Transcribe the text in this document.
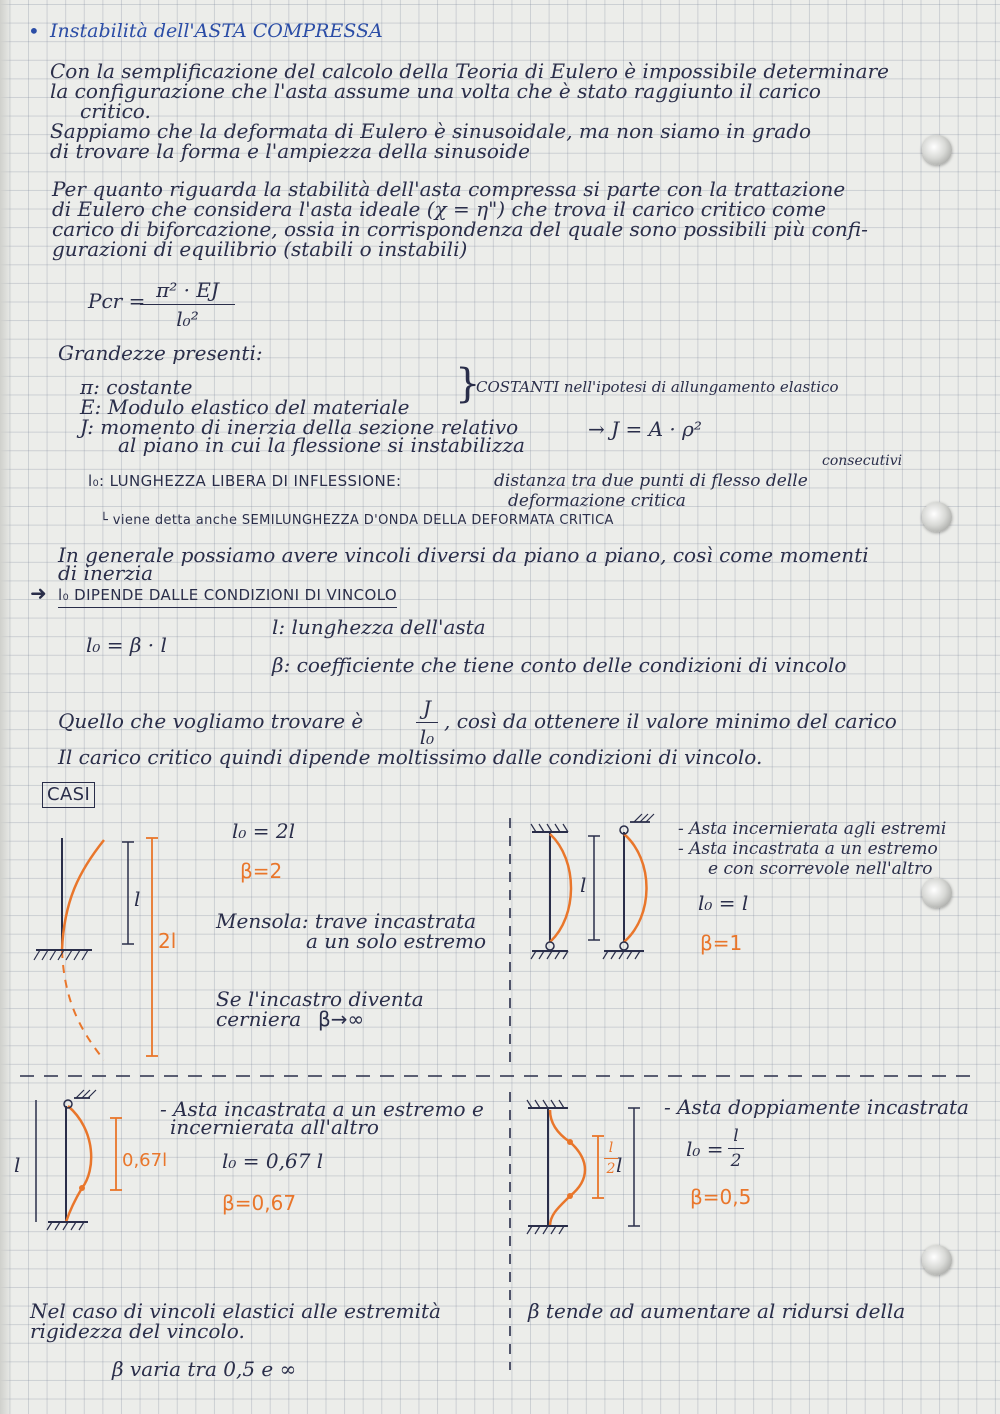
• Instabilità dell'ASTA COMPRESSA

Con la semplificazione del calcolo della Teoria di Eulero è impossibile determinare

la configurazione che l'asta assume una volta che è stato raggiunto il carico

critico.

Sappiamo che la deformata di Eulero è sinusoidale, ma non siamo in grado

di trovare la forma e l'ampiezza della sinusoide

Per quanto riguarda la stabilità dell'asta compressa si parte con la trattazione

di Eulero che considera l'asta ideale (χ = η") che trova il carico critico come

carico di biforcazione, ossia in corrispondenza del quale sono possibili più confi-

gurazioni di equilibrio (stabili o instabili)

Pcr = π² · EJ
l₀²

Grandezze presenti:

π: costante

E: Modulo elastico del materiale

J: momento di inerzia della sezione relativo

al piano in cui la flessione si instabilizza

}

COSTANTI nell'ipotesi di allungamento elastico

→ J = A · ρ²

l₀: LUNGHEZZA LIBERA DI INFLESSIONE:	distanza tra due punti di flesso delle

consecutivi

deformazione critica

└ viene detta anche SEMILUNGHEZZA D'ONDA DELLA DEFORMATA CRITICA

In generale possiamo avere vincoli diversi da piano a piano, così come momenti

di inerzia

➜ l₀ DIPENDE DALLE CONDIZIONI DI VINCOLO

l₀ = β · l

l: lunghezza dell'asta

β: coefficiente che tiene conto delle condizioni di vincolo

Quello che vogliamo trovare è

J
l₀

, così da ottenere il valore minimo del carico

Il carico critico quindi dipende moltissimo dalle condizioni di vincolo.

CASI

l

2l

l₀ = 2l

β=2

Mensola: trave incastrata

a un solo estremo

Se l'incastro diventa

cerniera β→∞

l

- Asta incernierata agli estremi

- Asta incastrata a un estremo

e con scorrevole nell'altro

l₀ = l

β=1

l	0,67l

- Asta incastrata a un estremo e

incernierata all'altro

l₀ = 0,67 l

β=0,67

l
2 l

- Asta doppiamente incastrata

l₀ =

l
2

β=0,5

Nel caso di vincoli elastici alle estremità	β tende ad aumentare al ridursi della

rigidezza del vincolo.

β varia tra 0,5 e ∞
